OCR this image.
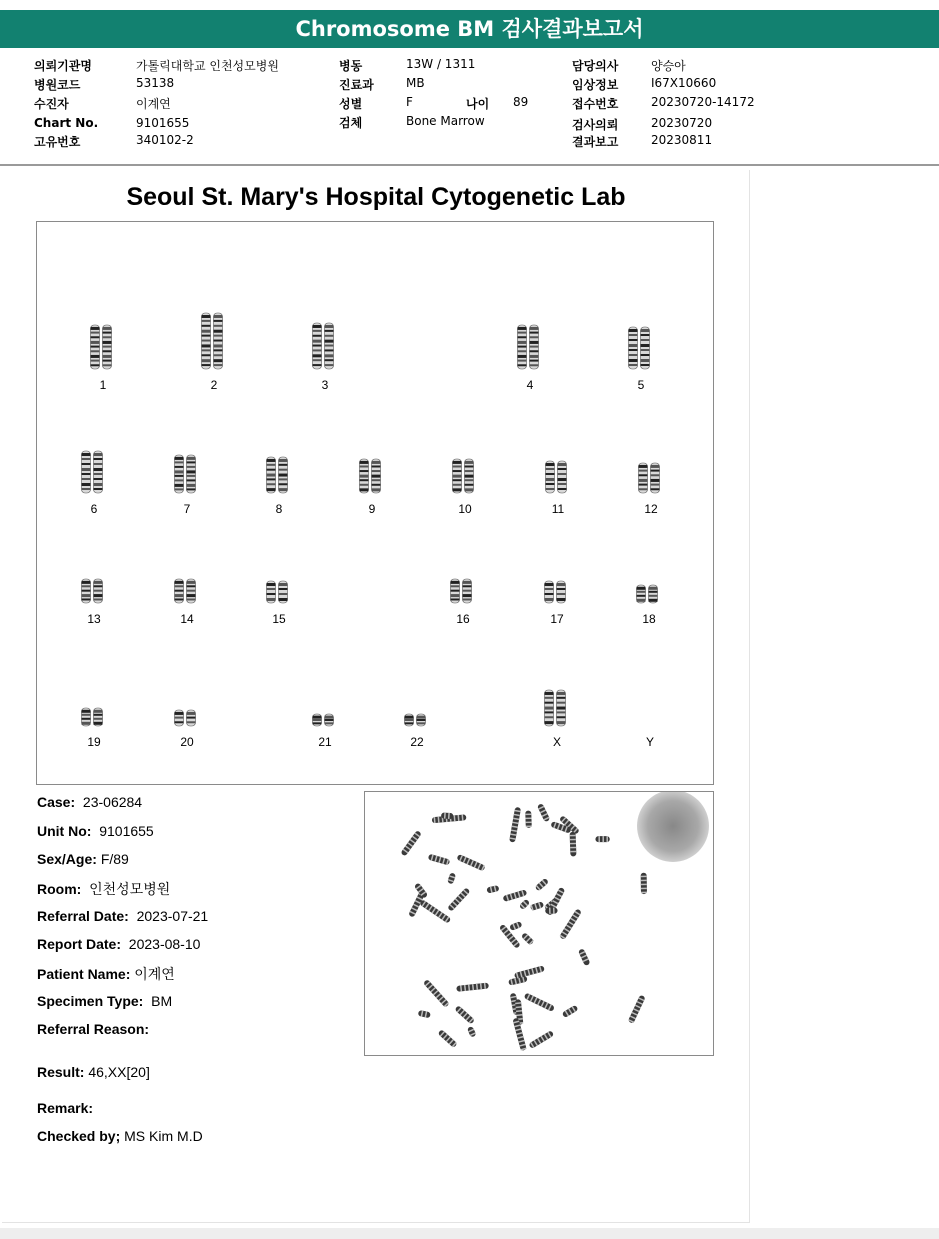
Chromosome BM 검사결과보고서
의뢰기관명	가톨릭대학교 인천성모병원
병원코드	53138
수진자	이계연
Chart No.	9101655
고유번호	340102-2
병동	13W / 1311
진료과	MB
성별	F	나이 89
검체	Bone Marrow
담당의사	양승아
임상정보	I67X10660
접수번호	20230720-14172
검사의뢰	20230720
결과보고	20230811
Seoul St. Mary's Hospital Cytogenetic Lab
1	2	3	4	5
6	7	8	9	10	11	12
13	14	15	16	17	18
19	20	21	22	X	Y
Case: 23-06284
Unit No: 9101655
Sex/Age: F/89
Room: 인천성모병원
Referral Date: 2023-07-21
Report Date: 2023-08-10
Patient Name: 이계연
Specimen Type: BM
Referral Reason:
Result: 46,XX[20]
Remark:
Checked by; MS Kim M.D
